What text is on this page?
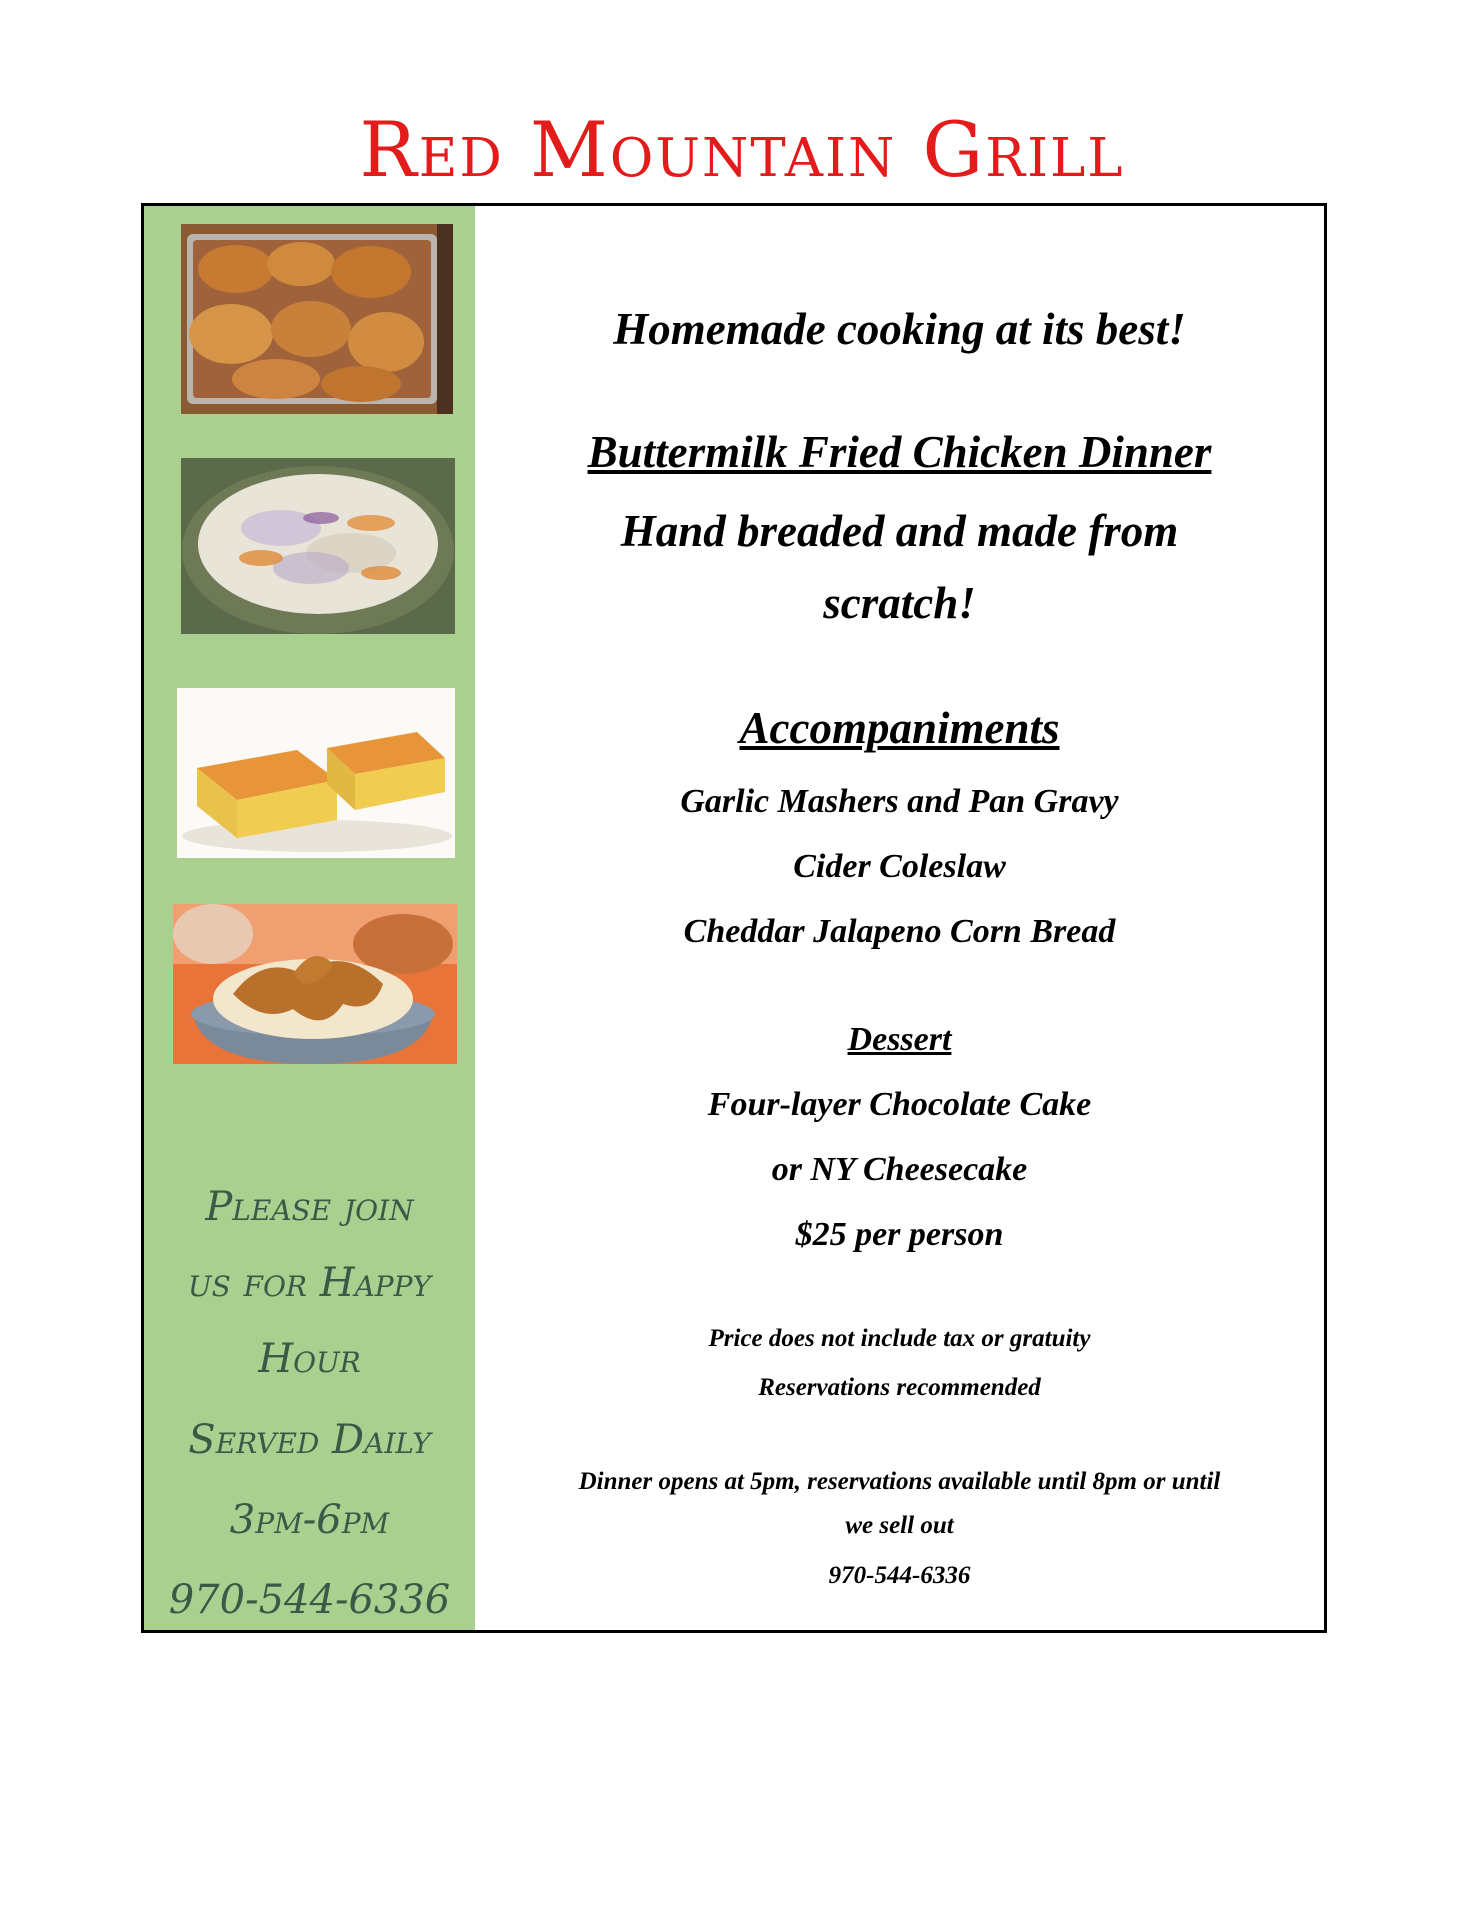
Red Mountain Grill
Please join
us for Happy
Hour
Served Daily
3pm-6pm
970-544-6336
Homemade cooking at its best!
Buttermilk Fried Chicken Dinner
Hand breaded and made from
scratch!
Accompaniments
Garlic Mashers and Pan Gravy
Cider Coleslaw
Cheddar Jalapeno Corn Bread
Dessert
Four-layer Chocolate Cake
or NY Cheesecake
$25 per person
Price does not include tax or gratuity
Reservations recommended
Dinner opens at 5pm, reservations available until 8pm or until
we sell out
970-544-6336
